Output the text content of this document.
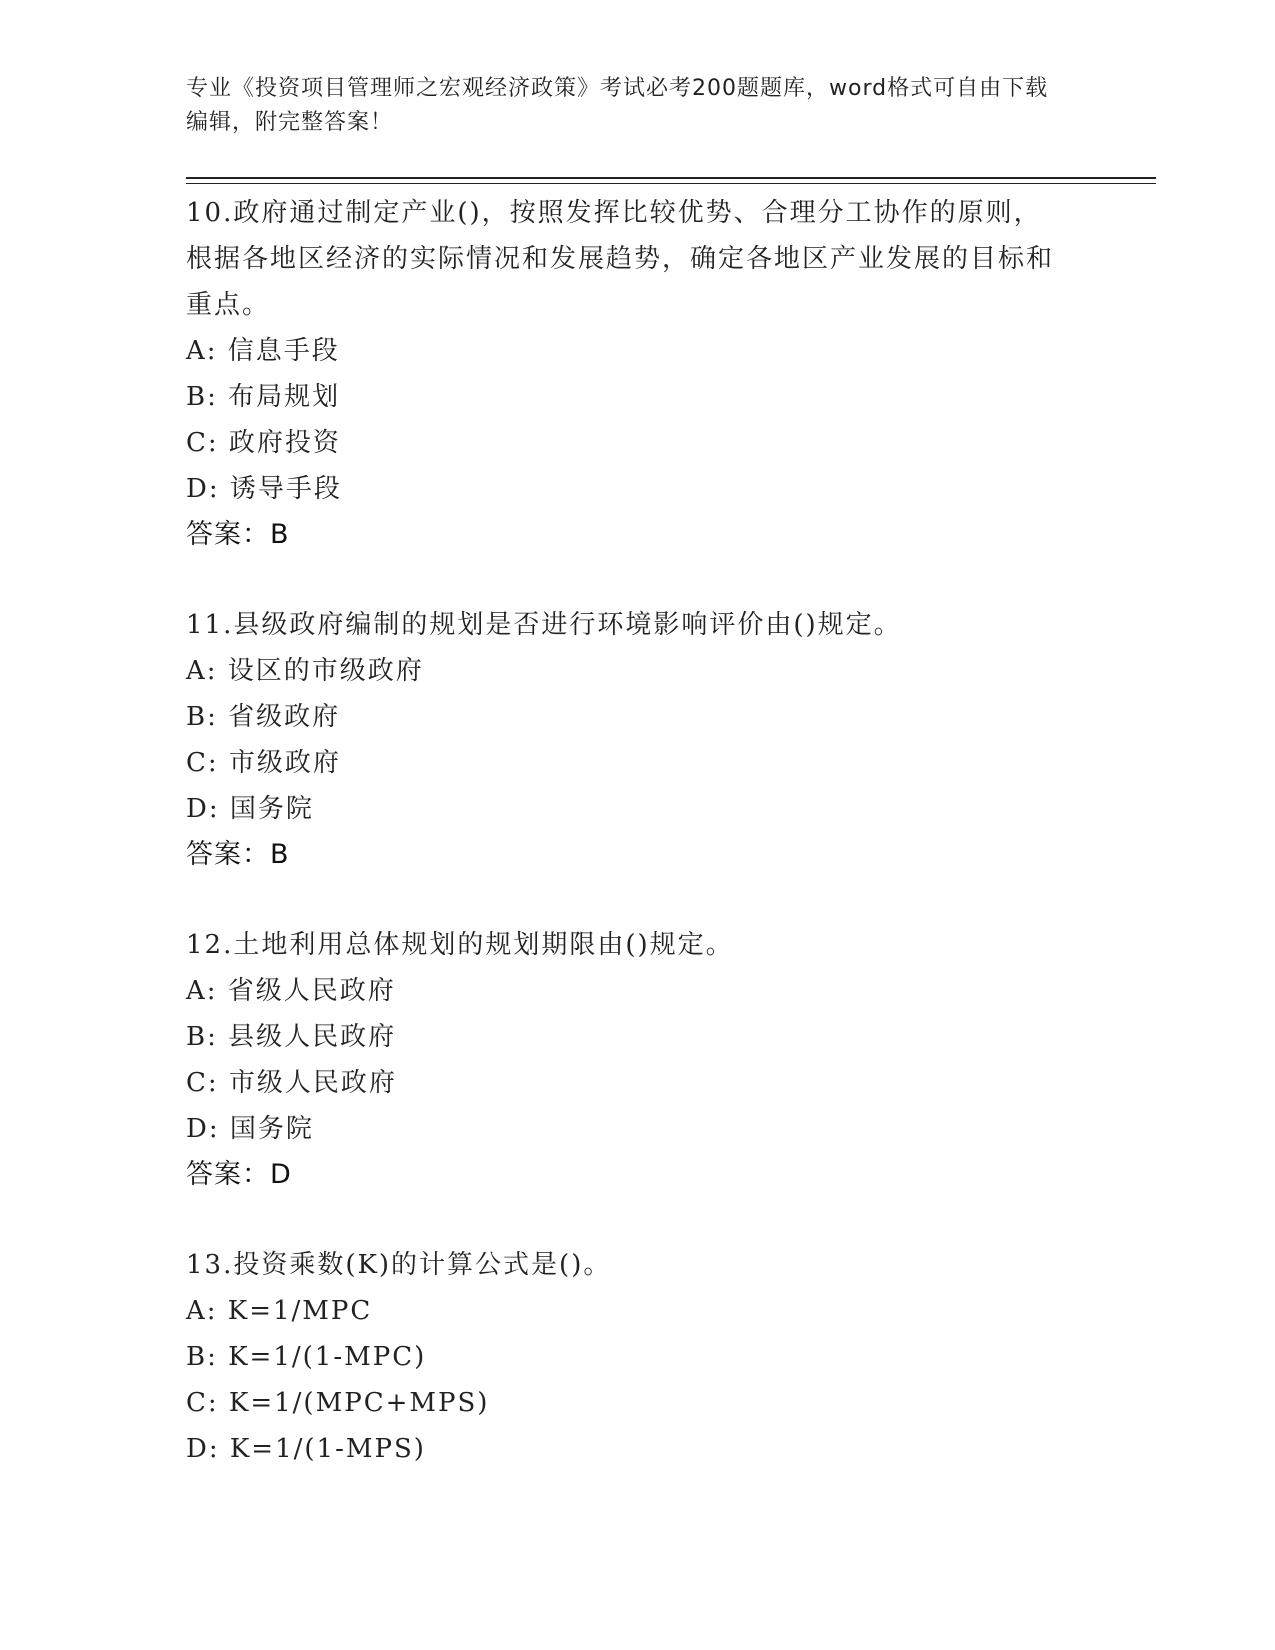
专业《投资项目管理师之宏观经济政策》考试必考200题题库，word格式可自由下载编辑，附完整答案！

10.政府通过制定产业()，按照发挥比较优势、合理分工协作的原则，根据各地区经济的实际情况和发展趋势，确定各地区产业发展的目标和重点。

A: 信息手段

B: 布局规划

C: 政府投资

D: 诱导手段

答案：B

11.县级政府编制的规划是否进行环境影响评价由()规定。

A: 设区的市级政府

B: 省级政府

C: 市级政府

D: 国务院

答案：B

12.土地利用总体规划的规划期限由()规定。

A: 省级人民政府

B: 县级人民政府

C: 市级人民政府

D: 国务院

答案：D

13.投资乘数(K)的计算公式是()。

A: K=1/MPC

B: K=1/(1-MPC)

C: K=1/(MPC+MPS)

D: K=1/(1-MPS)
